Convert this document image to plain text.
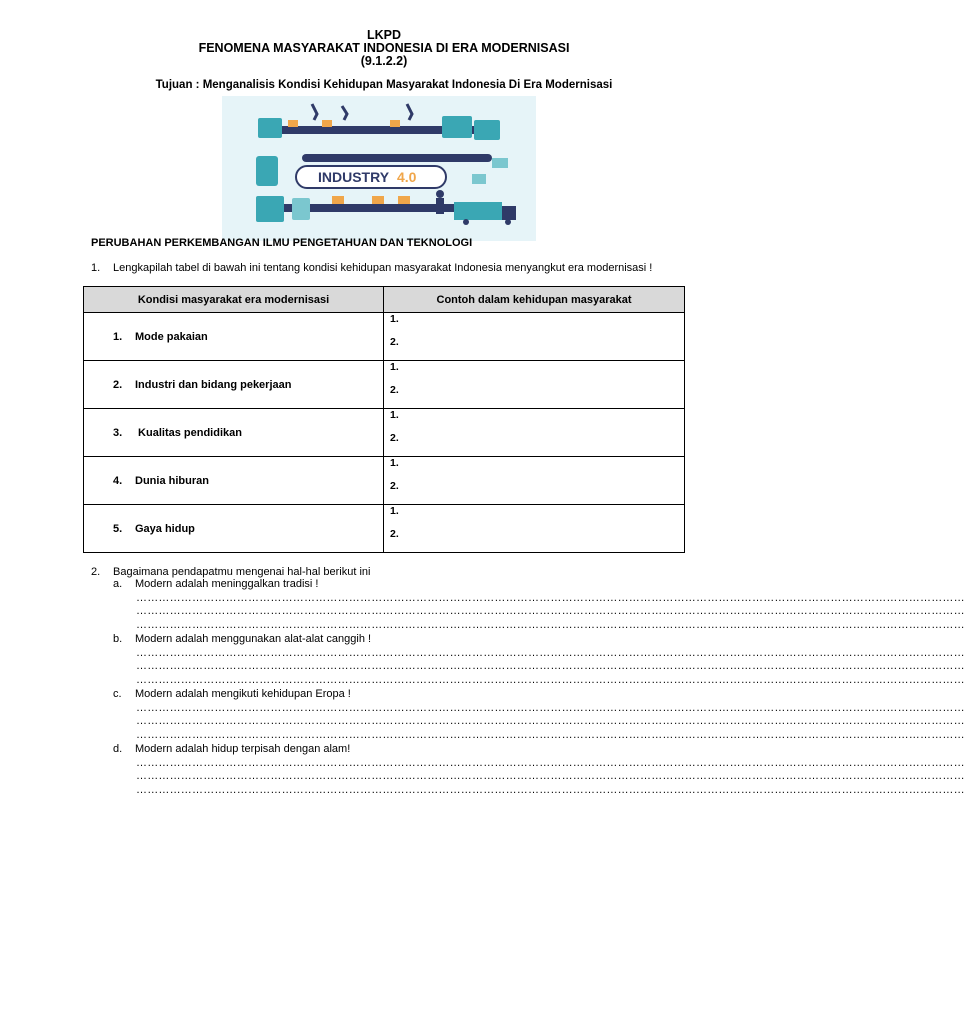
LKPD
FENOMENA MASYARAKAT INDONESIA DI ERA MODERNISASI
(9.1.2.2)
Tujuan : Menganalisis Kondisi Kehidupan Masyarakat Indonesia Di Era Modernisasi
INDUSTRY 4.0
PERUBAHAN PERKEMBANGAN ILMU PENGETAHUAN DAN TEKNOLOGI
1. Lengkapilah tabel di bawah ini tentang kondisi kehidupan masyarakat Indonesia menyangkut era modernisasi !
Kondisi masyarakat era modernisasi	Contoh dalam kehidupan masyarakat
1. Mode pakaian	1.
2.

2. Industri dan bidang pekerjaan	1.
2.

3. Kualitas pendidikan	1.
2.

4. Dunia hiburan	1.
2.

5. Gaya hidup	1.
2.
2. Bagaimana pendapatmu mengenai hal-hal berikut ini
a. Modern adalah meninggalkan tradisi !
……………………………………………………………………………………………………………………………………………………………………………………………………
……………………………………………………………………………………………………………………………………………………………………………………………………
……………………………………………………………………………………………………………………………………………………………………………………………………
b. Modern adalah menggunakan alat-alat canggih !
……………………………………………………………………………………………………………………………………………………………………………………………………
……………………………………………………………………………………………………………………………………………………………………………………………………
……………………………………………………………………………………………………………………………………………………………………………………………………
c. Modern adalah mengikuti kehidupan Eropa !
……………………………………………………………………………………………………………………………………………………………………………………………………
……………………………………………………………………………………………………………………………………………………………………………………………………
……………………………………………………………………………………………………………………………………………………………………………………………………
d. Modern adalah hidup terpisah dengan alam!
……………………………………………………………………………………………………………………………………………………………………………………………………
……………………………………………………………………………………………………………………………………………………………………………………………………
……………………………………………………………………………………………………………………………………………………………………………………………………
